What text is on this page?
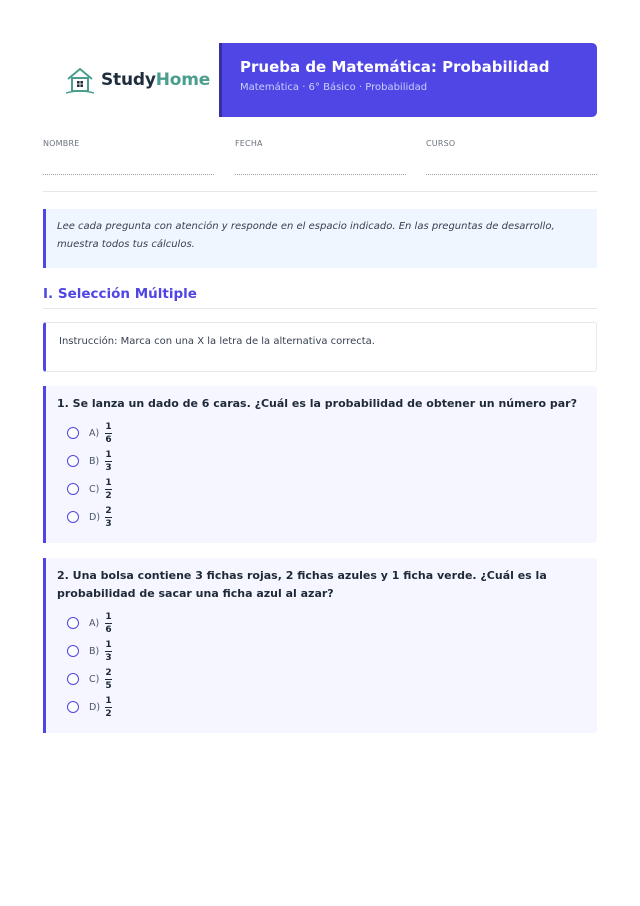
StudyHome
Prueba de Matemática: Probabilidad
Matemática · 6° Básico · Probabilidad
NOMBRE	FECHA	CURSO
Lee cada pregunta con atención y responde en el espacio indicado. En las preguntas de desarrollo, muestra todos tus cálculos.
I. Selección Múltiple
Instrucción: Marca con una X la letra de la alternativa correcta.
1. Se lanza un dado de 6 caras. ¿Cuál es la probabilidad de obtener un número par?
$A) \frac{1}{6}$
$B) \frac{1}{3}$
$C) \frac{1}{2}$
$D) \frac{2}{3}$
2. Una bolsa contiene 3 fichas rojas, 2 fichas azules y 1 ficha verde. ¿Cuál es la probabilidad de sacar una ficha azul al azar?
$A) \frac{1}{6}$
$B) \frac{1}{3}$
$C) \frac{2}{5}$
$D) \frac{1}{2}$
